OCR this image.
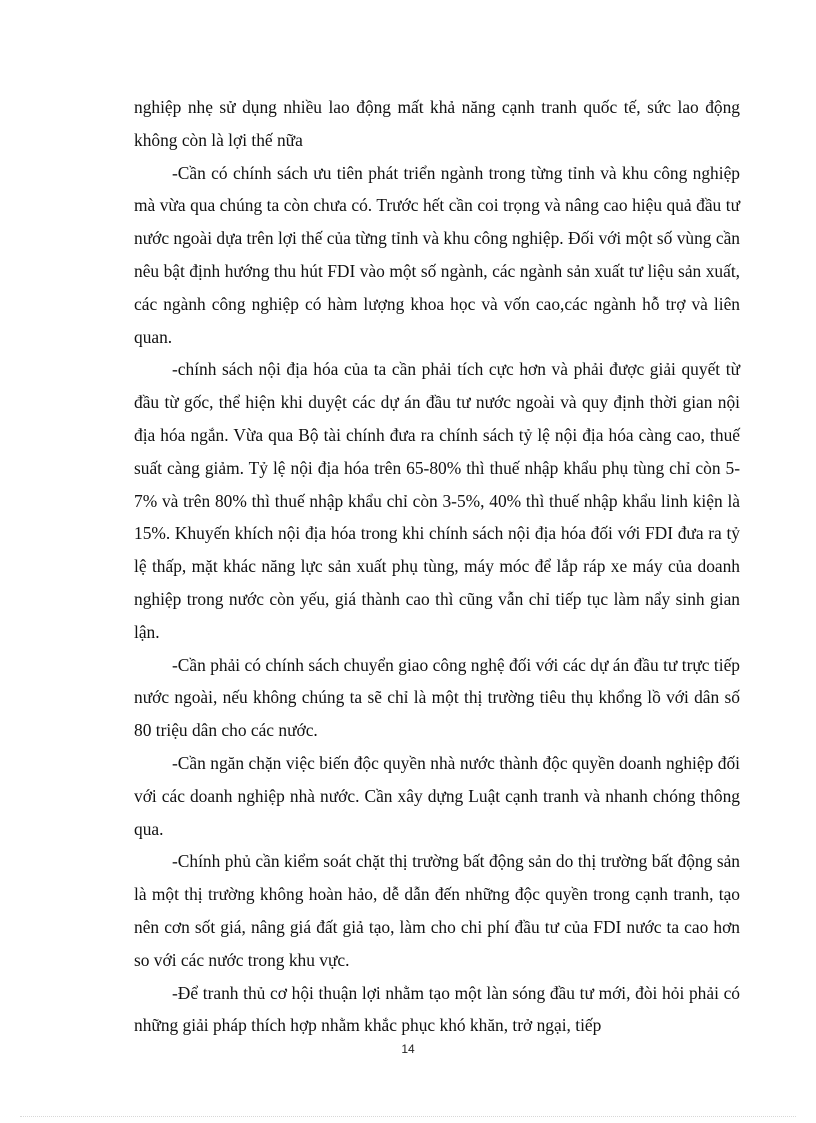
nghiệp nhẹ sử dụng nhiều lao động mất khả năng cạnh tranh quốc tế, sức lao động không còn là lợi thế nữa

-Cần có chính sách ưu tiên phát triển ngành trong từng tỉnh và khu công nghiệp mà vừa qua chúng ta còn chưa có. Trước hết cần coi trọng và nâng cao hiệu quả đầu tư nước ngoài dựa trên lợi thế của từng tỉnh và khu công nghiệp. Đối với một số vùng cần nêu bật định hướng thu hút FDI vào một số ngành, các ngành sản xuất tư liệu sản xuất, các ngành công nghiệp có hàm lượng khoa học và vốn cao,các ngành hỗ trợ và liên quan.

-chính sách nội địa hóa của ta cần phải tích cực hơn và phải được giải quyết từ đầu từ gốc, thể hiện khi duyệt các dự án đầu tư nước ngoài và quy định thời gian nội địa hóa ngắn. Vừa qua Bộ tài chính đưa ra chính sách tỷ lệ nội địa hóa càng cao, thuế suất càng giảm. Tỷ lệ nội địa hóa trên 65-80% thì thuế nhập khẩu phụ tùng chỉ còn 5-7% và trên 80% thì thuế nhập khẩu chỉ còn 3-5%, 40% thì thuế nhập khẩu linh kiện là 15%. Khuyến khích nội địa hóa trong khi chính sách nội địa hóa đối với FDI đưa ra tỷ lệ thấp, mặt khác năng lực sản xuất phụ tùng, máy móc để lắp ráp xe máy của doanh nghiệp trong nước còn yếu, giá thành cao thì cũng vẫn chỉ tiếp tục làm nẩy sinh gian lận.

-Cần phải có chính sách chuyển giao công nghệ đối với các dự án đầu tư trực tiếp nước ngoài, nếu không chúng ta sẽ chỉ là một thị trường tiêu thụ khổng lồ với dân số 80 triệu dân cho các nước.

-Cần ngăn chặn việc biến độc quyền nhà nước thành độc quyền doanh nghiệp đối với các doanh nghiệp nhà nước. Cần xây dựng Luật cạnh tranh và nhanh chóng thông qua.

-Chính phủ cần kiểm soát chặt thị trường bất động sản do thị trường bất động sản là một thị trường không hoàn hảo, dễ dẫn đến những độc quyền trong cạnh tranh, tạo nên cơn sốt giá, nâng giá đất giả tạo, làm cho chi phí đầu tư của FDI nước ta cao hơn so với các nước trong khu vực.

-Để tranh thủ cơ hội thuận lợi nhằm tạo một làn sóng đầu tư mới, đòi hỏi phải có những giải pháp thích hợp nhằm khắc phục khó khăn, trở ngại, tiếp

14
